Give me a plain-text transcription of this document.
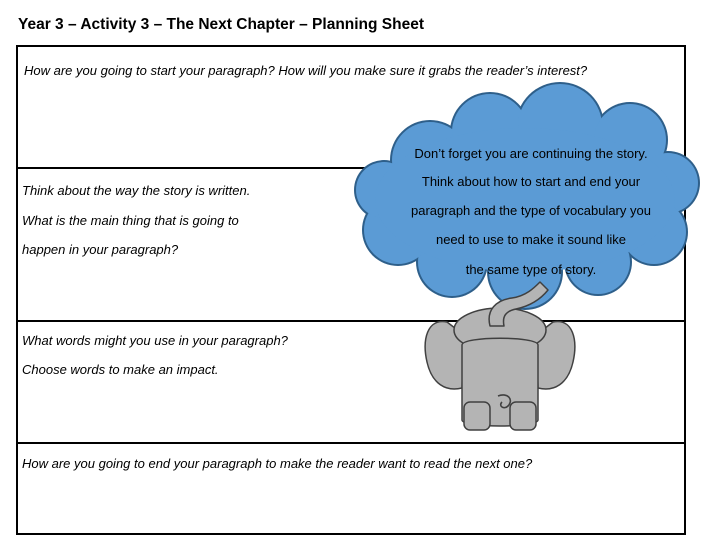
Year 3 – Activity 3 – The Next Chapter – Planning Sheet
How are you going to start your paragraph? How will you make sure it grabs the reader’s interest?
Think about the way the story is written.
What is the main thing that is going to
happen in your paragraph?
What words might you use in your paragraph?
Choose words to make an impact.
How are you going to end your paragraph to make the reader want to read the next one?
Don’t forget you are continuing the story.
Think about how to start and end your
paragraph and the type of vocabulary you
need to use to make it sound like
the same type of story.
